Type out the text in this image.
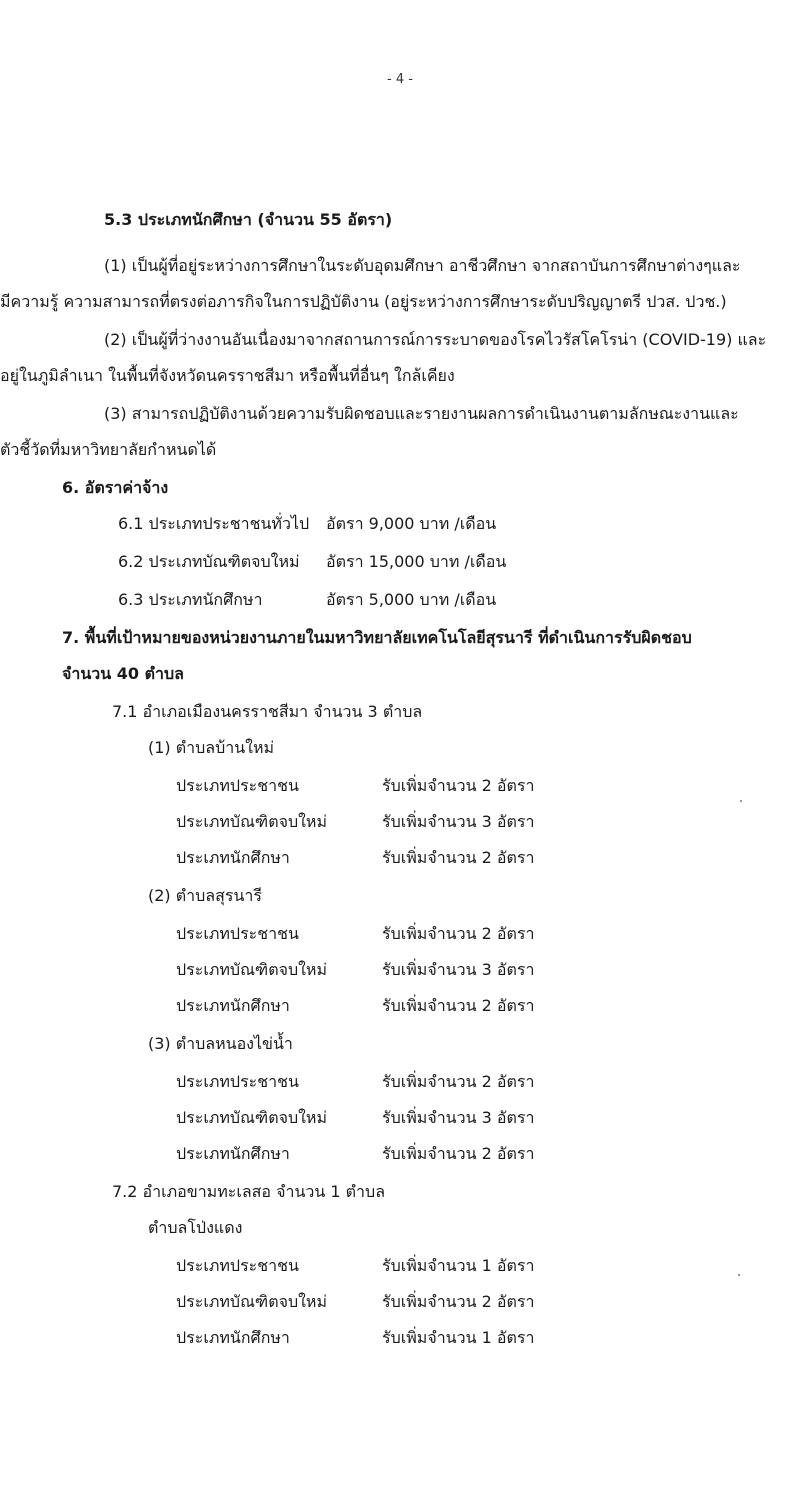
- 4 -
5.3 ประเภทนักศึกษา (จำนวน 55 อัตรา)
(1) เป็นผู้ที่อยู่ระหว่างการศึกษาในระดับอุดมศึกษา อาชีวศึกษา จากสถาบันการศึกษาต่างๆและ
มีความรู้ ความสามารถที่ตรงต่อภารกิจในการปฏิบัติงาน (อยู่ระหว่างการศึกษาระดับปริญญาตรี ปวส. ปวช.)
(2) เป็นผู้ที่ว่างงานอันเนื่องมาจากสถานการณ์การระบาดของโรคไวรัสโคโรน่า (COVID-19) และ
อยู่ในภูมิลำเนา ในพื้นที่จังหวัดนครราชสีมา หรือพื้นที่อื่นๆ ใกล้เคียง
(3) สามารถปฏิบัติงานด้วยความรับผิดชอบและรายงานผลการดำเนินงานตามลักษณะงานและ
ตัวชี้วัดที่มหาวิทยาลัยกำหนดได้
6. อัตราค่าจ้าง
6.1 ประเภทประชาชนทั่วไป อัตรา 9,000 บาท /เดือน
6.2 ประเภทบัณฑิตจบใหม่ อัตรา 15,000 บาท /เดือน
6.3 ประเภทนักศึกษา	อัตรา 5,000 บาท /เดือน
7. พื้นที่เป้าหมายของหน่วยงานภายในมหาวิทยาลัยเทคโนโลยีสุรนารี ที่ดำเนินการรับผิดชอบ
จำนวน 40 ตำบล
7.1 อำเภอเมืองนครราชสีมา จำนวน 3 ตำบล
(1) ตำบลบ้านใหม่
ประเภทประชาชน	รับเพิ่มจำนวน 2 อัตรา
ประเภทบัณฑิตจบใหม่	รับเพิ่มจำนวน 3 อัตรา
ประเภทนักศึกษา	รับเพิ่มจำนวน 2 อัตรา
(2) ตำบลสุรนารี
ประเภทประชาชน	รับเพิ่มจำนวน 2 อัตรา
ประเภทบัณฑิตจบใหม่	รับเพิ่มจำนวน 3 อัตรา
ประเภทนักศึกษา	รับเพิ่มจำนวน 2 อัตรา
(3) ตำบลหนองไข่น้ำ
ประเภทประชาชน	รับเพิ่มจำนวน 2 อัตรา
ประเภทบัณฑิตจบใหม่	รับเพิ่มจำนวน 3 อัตรา
ประเภทนักศึกษา	รับเพิ่มจำนวน 2 อัตรา
7.2 อำเภอขามทะเลสอ จำนวน 1 ตำบล
ตำบลโป่งแดง
ประเภทประชาชน	รับเพิ่มจำนวน 1 อัตรา
ประเภทบัณฑิตจบใหม่	รับเพิ่มจำนวน 2 อัตรา
ประเภทนักศึกษา	รับเพิ่มจำนวน 1 อัตรา
